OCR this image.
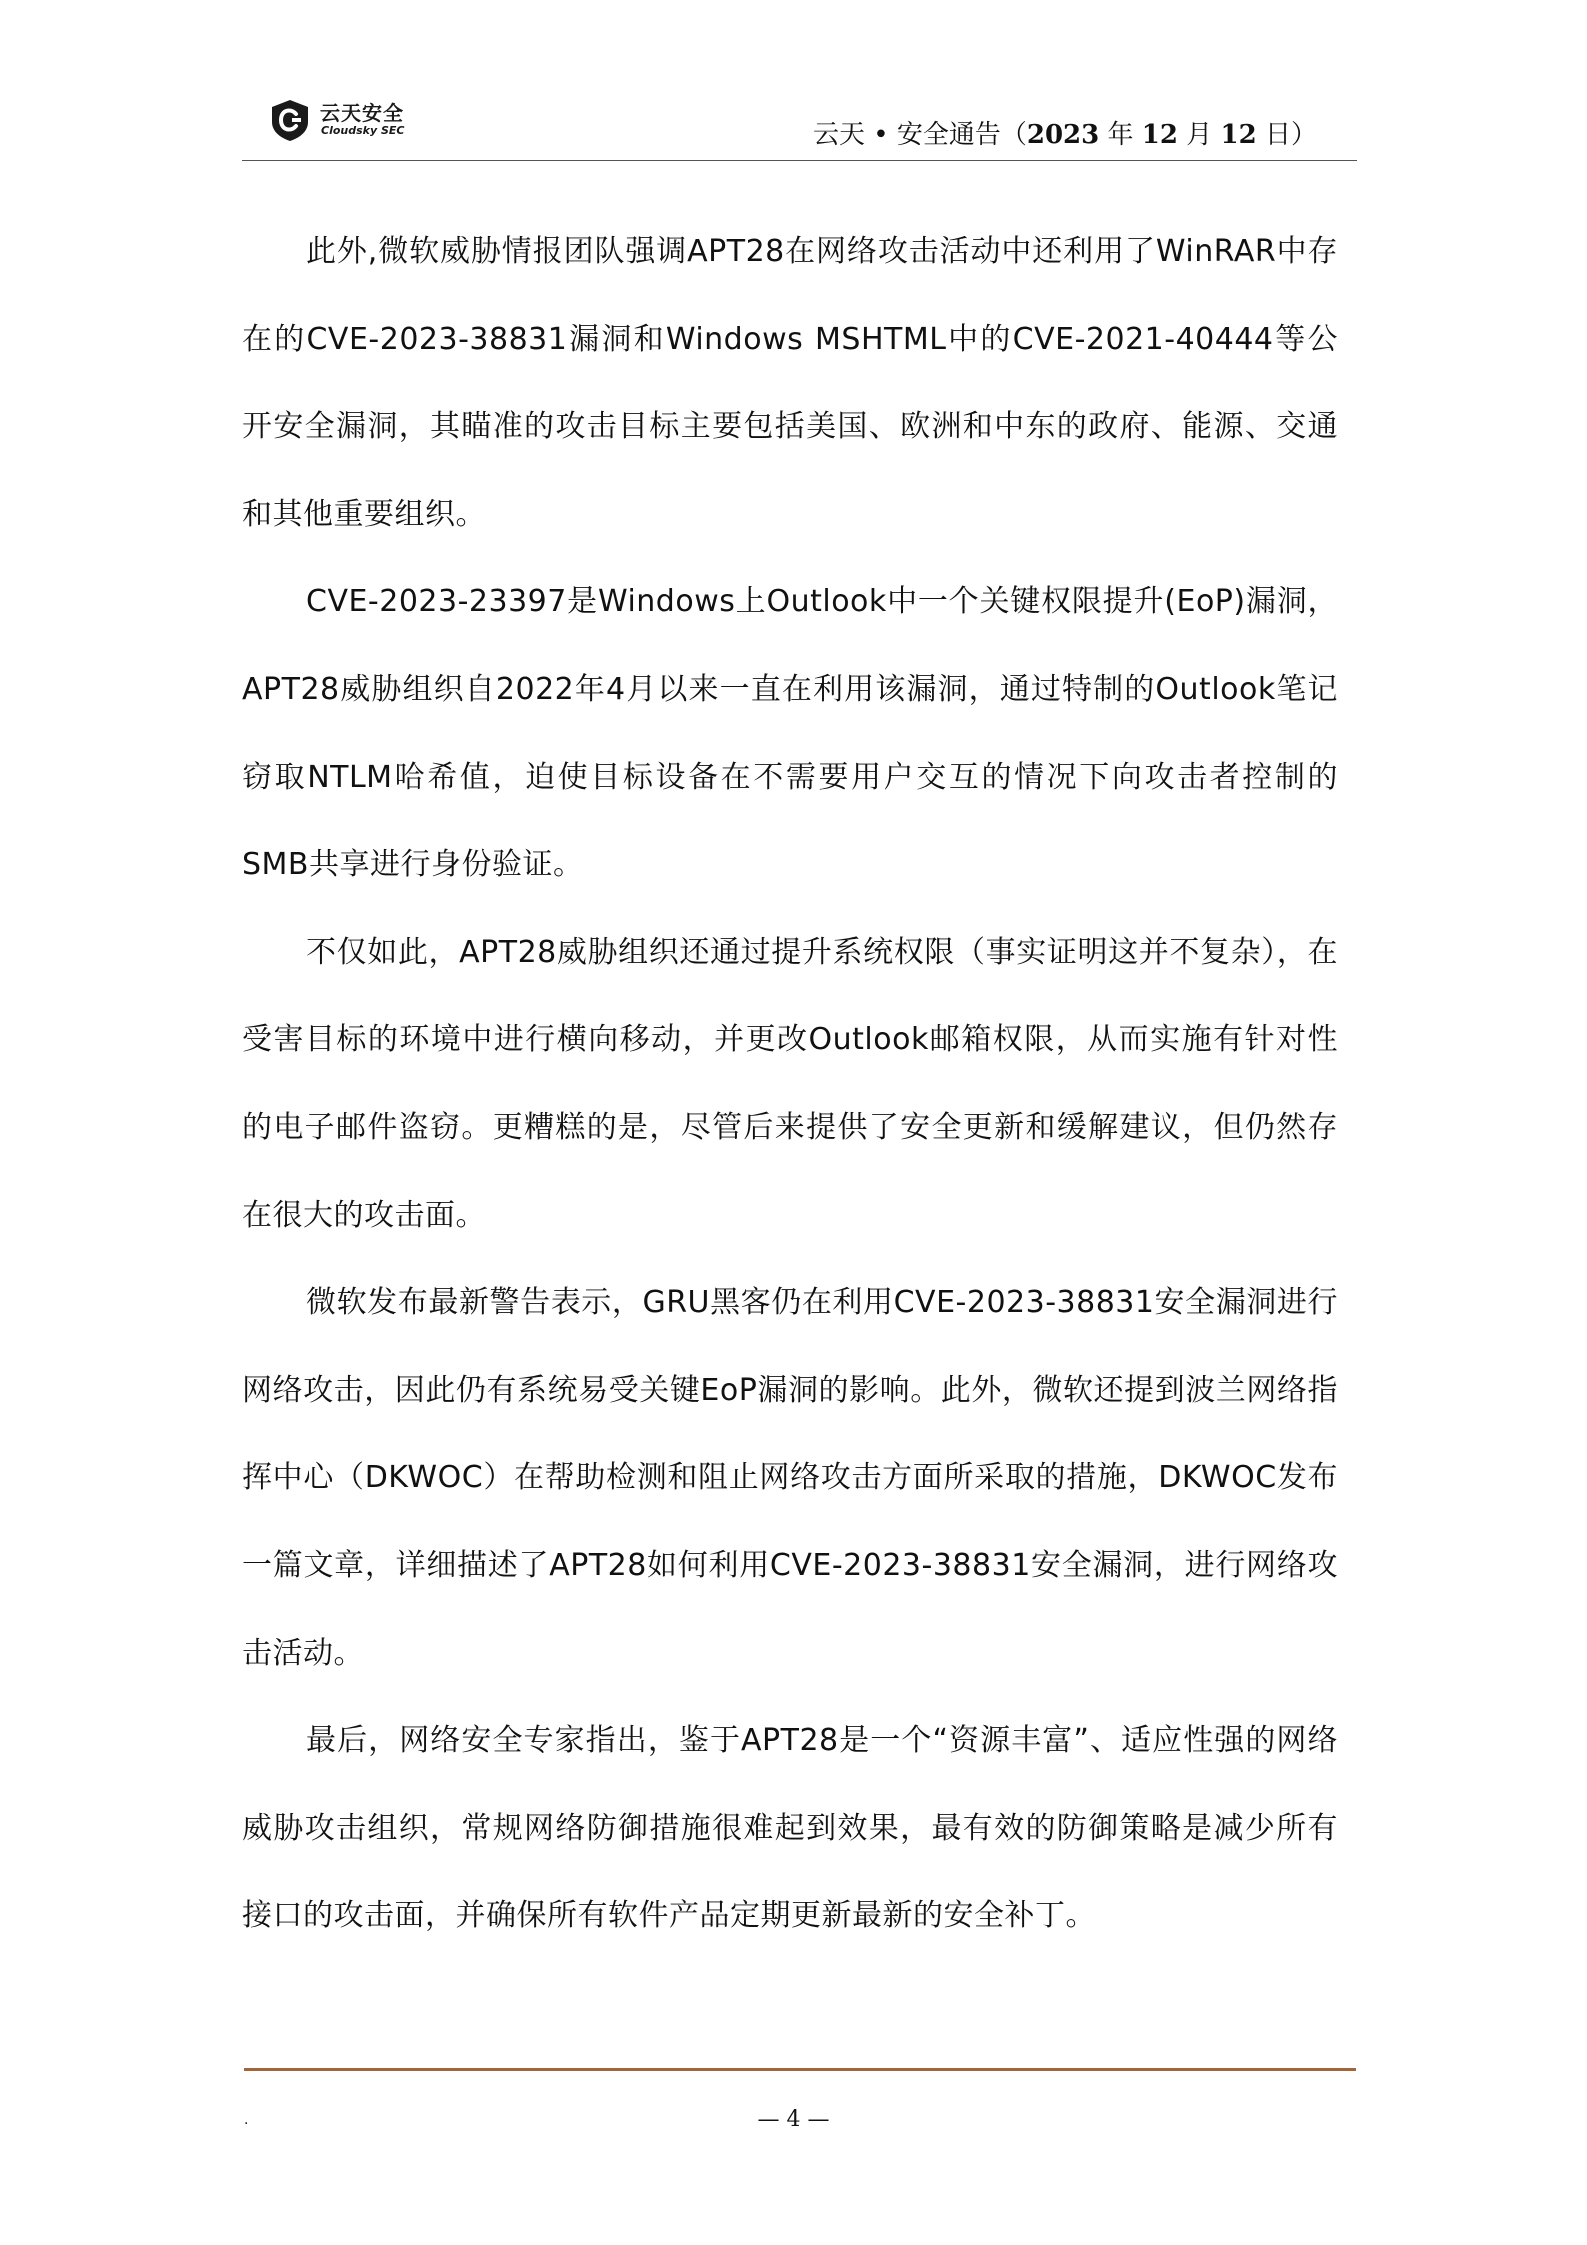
云天安全
Cloudsky SEC	云天 • 安全通告（2023 年 12 月 12 日）

此外,微软威胁情报团队强调APT28在网络攻击活动中还利用了WinRAR中存在的CVE-2023-38831漏洞和Windows MSHTML中的CVE-2021-40444等公开安全漏洞，其瞄准的攻击目标主要包括美国、欧洲和中东的政府、能源、交通和其他重要组织。

CVE-2023-23397是Windows上Outlook中一个关键权限提升(EoP)漏洞，APT28威胁组织自2022年4月以来一直在利用该漏洞，通过特制的Outlook笔记窃取NTLM哈希值，迫使目标设备在不需要用户交互的情况下向攻击者控制的SMB共享进行身份验证。

不仅如此，APT28威胁组织还通过提升系统权限（事实证明这并不复杂），在受害目标的环境中进行横向移动，并更改Outlook邮箱权限，从而实施有针对性的电子邮件盗窃。更糟糕的是，尽管后来提供了安全更新和缓解建议，但仍然存在很大的攻击面。

微软发布最新警告表示，GRU黑客仍在利用CVE-2023-38831安全漏洞进行网络攻击，因此仍有系统易受关键EoP漏洞的影响。此外，微软还提到波兰网络指挥中心（DKWOC）在帮助检测和阻止网络攻击方面所采取的措施，DKWOC发布一篇文章，详细描述了APT28如何利用CVE-2023-38831安全漏洞，进行网络攻击活动。

最后，网络安全专家指出，鉴于APT28是一个“资源丰富”、适应性强的网络威胁攻击组织，常规网络防御措施很难起到效果，最有效的防御策略是减少所有接口的攻击面，并确保所有软件产品定期更新最新的安全补丁。

.	— 4 —
